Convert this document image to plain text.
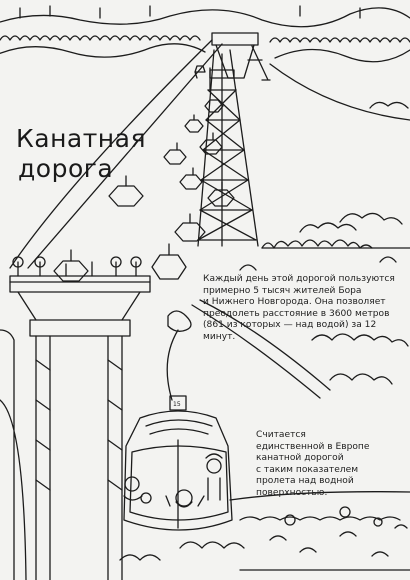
Канатная
дорога
Каждый день этой дорогой пользуются
примерно 5 тысяч жителей Бора
и Нижнего Новгорода. Она позволяет
преодолеть расстояние в 3600 метров
(861 из которых — над водой) за 12 минут.
Считается
единственной в Европе
канатной дорогой
с таким показателем
пролета над водной
поверхностью.
15
